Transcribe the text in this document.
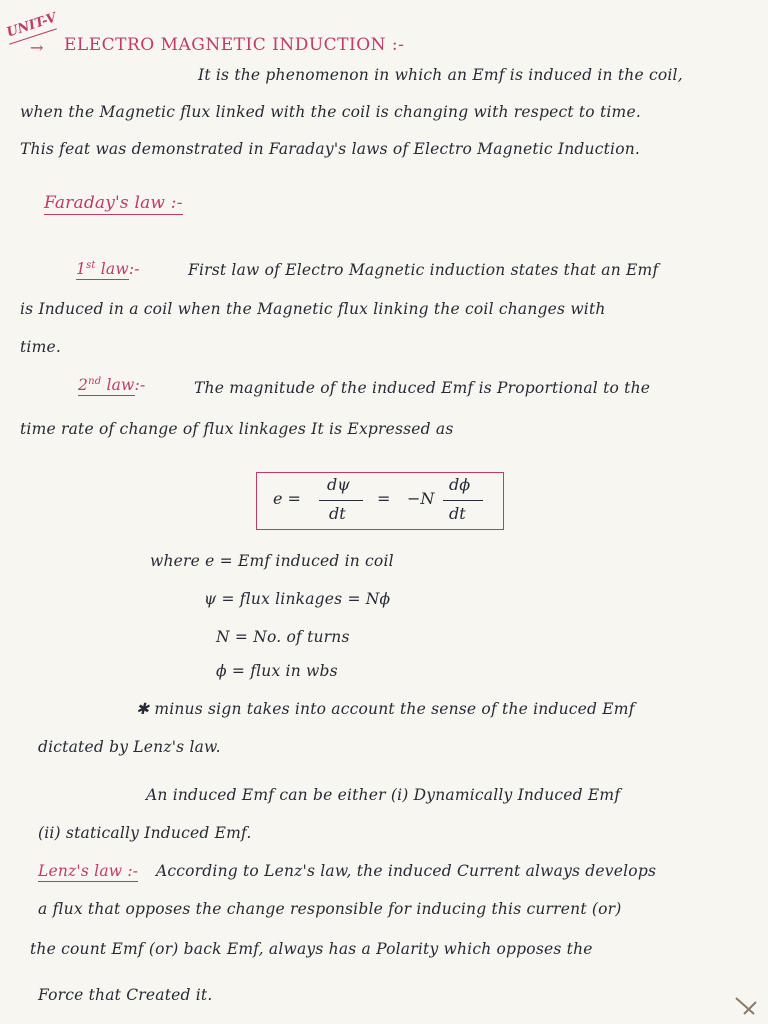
UNIT-V
→ ELECTRO MAGNETIC INDUCTION :-
It is the phenomenon in which an Emf is induced in the coil,
when the Magnetic flux linked with the coil is changing with respect to time.
This feat was demonstrated in Faraday's laws of Electro Magnetic Induction.
Faraday's law :-
1st law:-	First law of Electro Magnetic induction states that an Emf
is Induced in a coil when the Magnetic flux linking the coil changes with
time.
2nd law:-	The magnitude of the induced Emf is Proportional to the
time rate of change of flux linkages It is Expressed as
e =
dψ
dt
= −N
dϕ
dt
where e = Emf induced in coil
ψ = flux linkages = Nϕ
N = No. of turns
ϕ = flux in wbs
✱ minus sign takes into account the sense of the induced Emf
dictated by Lenz's law.
An induced Emf can be either (i) Dynamically Induced Emf
(ii) statically Induced Emf.
Lenz's law :- According to Lenz's law, the induced Current always develops
a flux that opposes the change responsible for inducing this current (or)
the count Emf (or) back Emf, always has a Polarity which opposes the
Force that Created it.
